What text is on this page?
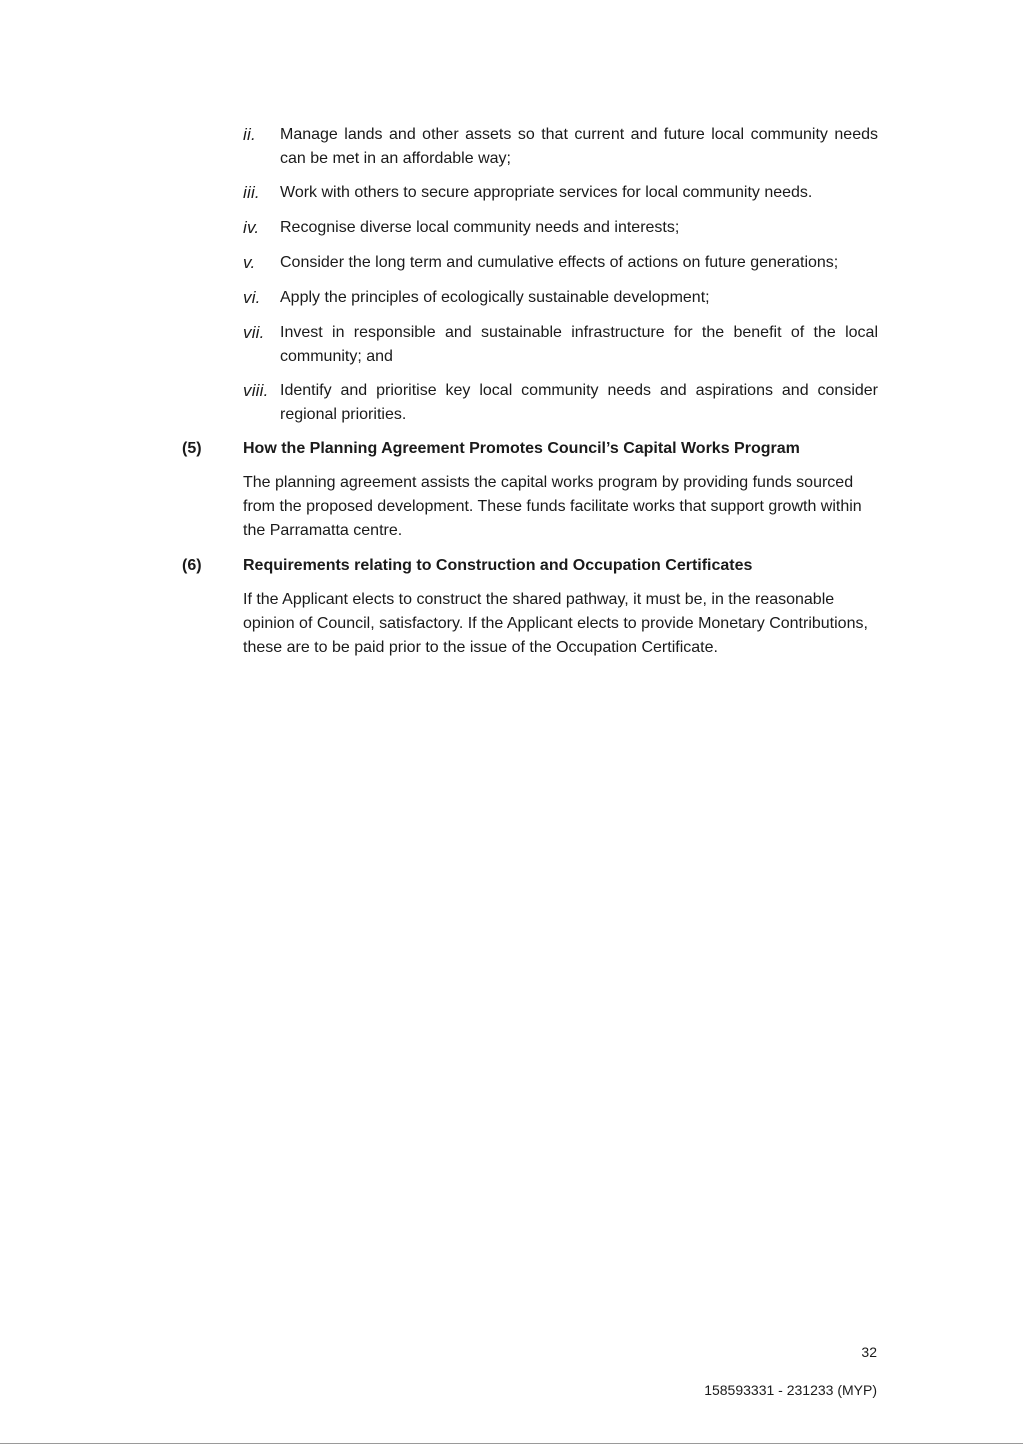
ii.	Manage lands and other assets so that current and future local community needs can be met in an affordable way;
iii.	Work with others to secure appropriate services for local community needs.
iv.	Recognise diverse local community needs and interests;
v.	Consider the long term and cumulative effects of actions on future generations;
vi.	Apply the principles of ecologically sustainable development;
vii. Invest in responsible and sustainable infrastructure for the benefit of the local community; and
viii. Identify and prioritise key local community needs and aspirations and consider regional priorities.
(5)	How the Planning Agreement Promotes Council’s Capital Works Program
The planning agreement assists the capital works program by providing funds sourced from the proposed development. These funds facilitate works that support growth within the Parramatta centre.
(6)	Requirements relating to Construction and Occupation Certificates
If the Applicant elects to construct the shared pathway, it must be, in the reasonable opinion of Council, satisfactory. If the Applicant elects to provide Monetary Contributions, these are to be paid prior to the issue of the Occupation Certificate.
32
158593331 - 231233 (MYP)
